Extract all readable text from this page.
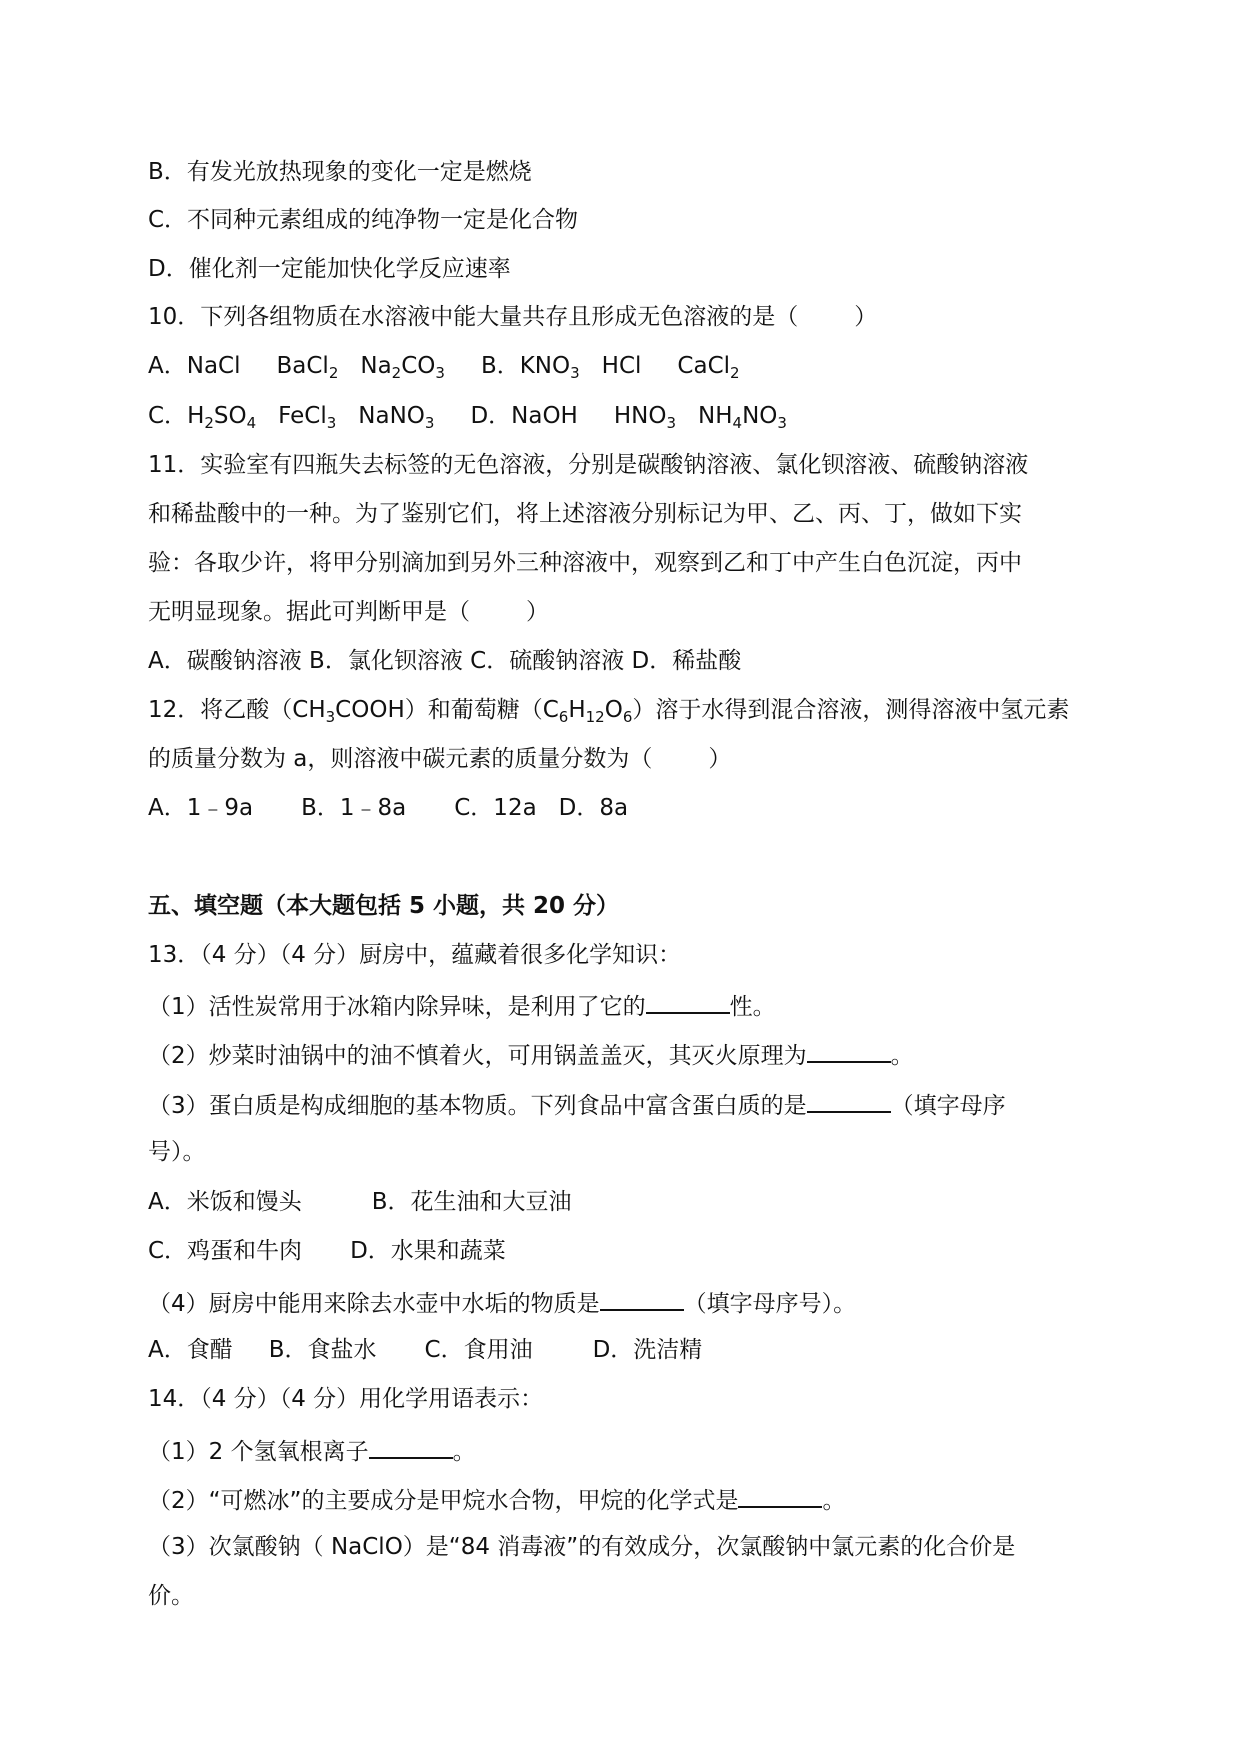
B．有发光放热现象的变化一定是燃烧
C．不同种元素组成的纯净物一定是化合物
D．催化剂一定能加快化学反应速率
10．下列各组物质在水溶液中能大量共存且形成无色溶液的是（ ）
A．NaCl BaCl$_2$ $Na_2CO_3$ B．$KNO_3$ HCl CaCl$_2$
C．$H_2SO_4$ FeCl$_3$ NaNO$_3$ D．NaOH $HNO_3$ $NH_4NO_3$
11．实验室有四瓶失去标签的无色溶液，分别是碳酸钠溶液、氯化钡溶液、硫酸钠溶液
和稀盐酸中的一种。为了鉴别它们，将上述溶液分别标记为甲、乙、丙、丁，做如下实
验：各取少许，将甲分别滴加到另外三种溶液中，观察到乙和丁中产生白色沉淀，丙中
无明显现象。据此可判断甲是（ ）
A．碳酸钠溶液 B．氯化钡溶液 C．硫酸钠溶液 D．稀盐酸
12．将乙酸$(CH_3COOH)$和葡萄糖$(C_6H_{12}O_6)$溶于水得到混合溶液，测得溶液中氢元素
的质量分数为 a，则溶液中碳元素的质量分数为（ ）
A．1﹣9a B．1﹣8a C．12a D．8a
五、填空题（本大题包括 5 小题，共 20 分）
13．（4 分）（4 分）厨房中，蕴藏着很多化学知识：
（1）活性炭常用于冰箱内除异味，是利用了它的	性。
（2）炒菜时油锅中的油不慎着火，可用锅盖盖灭，其灭火原理为	。
（3）蛋白质是构成细胞的基本物质。下列食品中富含蛋白质的是	（填字母序
号）。
A．米饭和馒头	B．花生油和大豆油
C．鸡蛋和牛肉 D．水果和蔬菜
（4）厨房中能用来除去水壶中水垢的物质是	（填字母序号）。
A．食醋 B．食盐水 C．食用油	D．洗洁精
14．（4 分）（4 分）用化学用语表示：
（1）2 个氢氧根离子	。
（2）“可燃冰”的主要成分是甲烷水合物，甲烷的化学式是	。
（3）次氯酸钠（ NaClO）是“84 消毒液”的有效成分，次氯酸钠中氯元素的化合价是
价。
